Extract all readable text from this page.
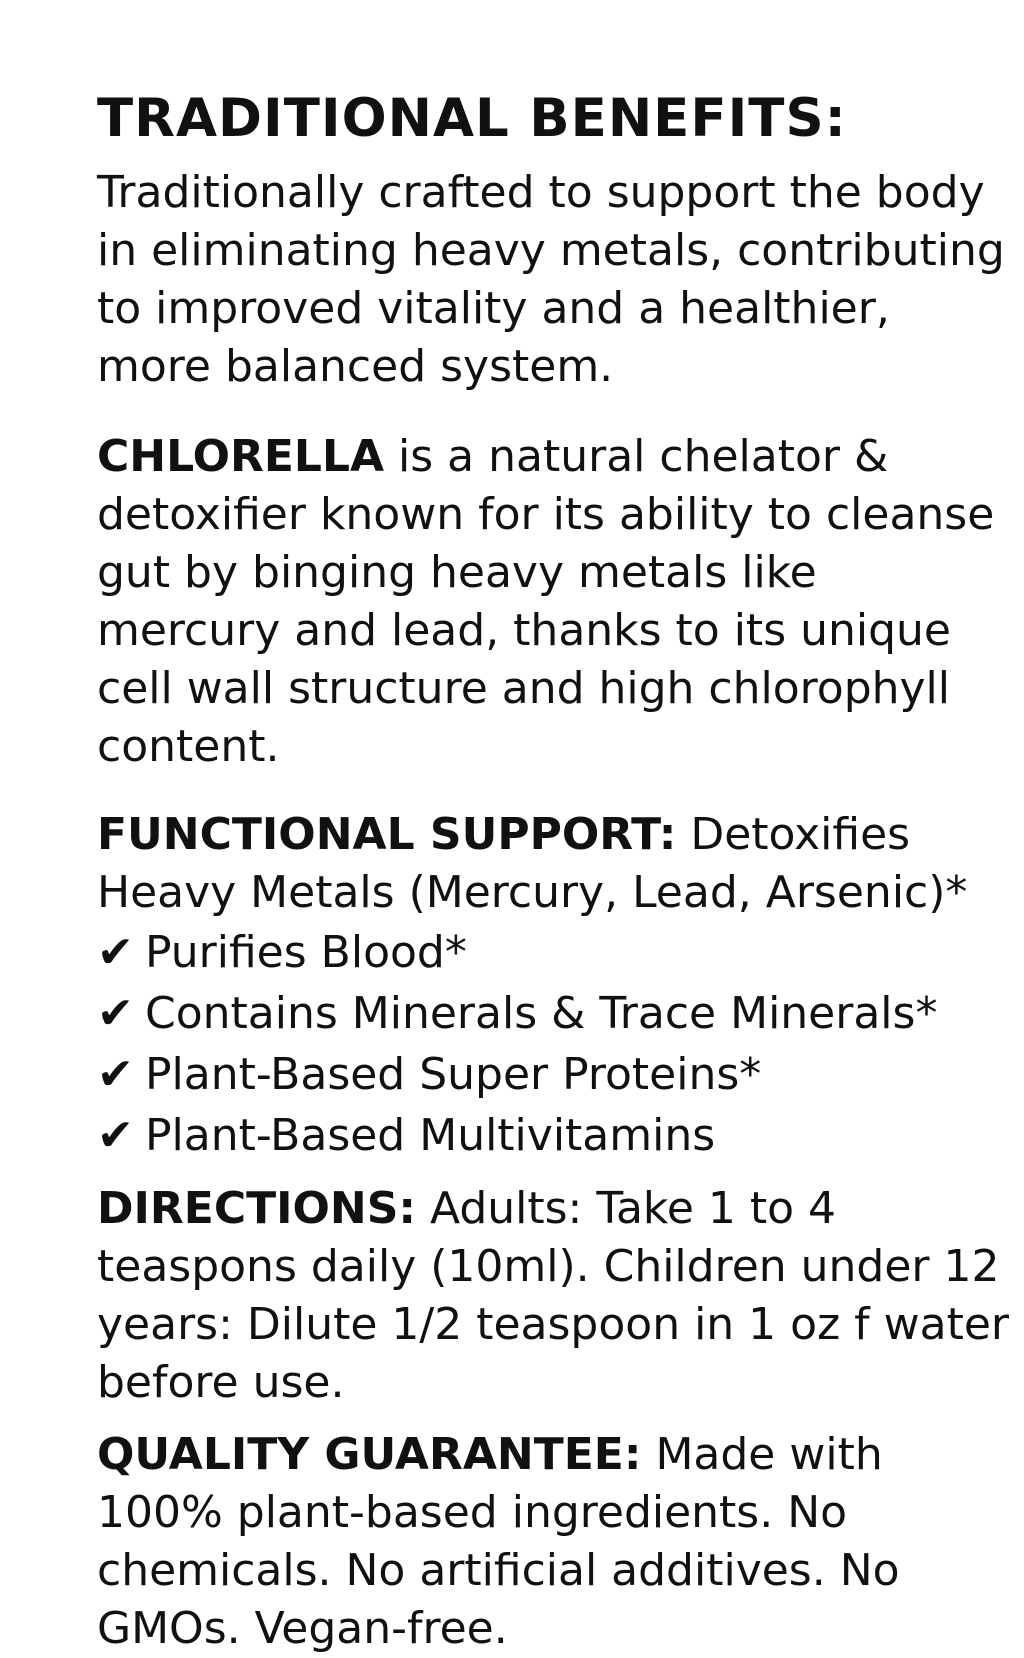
TRADITIONAL BENEFITS:

Traditionally crafted to support the body in eliminating heavy metals, contributing to improved vitality and a healthier, more balanced system.

CHLORELLA is a natural chelator & detoxifier known for its ability to cleanse gut by binging heavy metals like mercury and lead, thanks to its unique cell wall structure and high chlorophyll content.

FUNCTIONAL SUPPORT: Detoxifies Heavy Metals (Mercury, Lead, Arsenic)*

✔ Purifies Blood*
✔ Contains Minerals & Trace Minerals*
✔ Plant-Based Super Proteins*
✔ Plant-Based Multivitamins

DIRECTIONS: Adults: Take 1 to 4 teaspons daily (10ml). Children under 12 years: Dilute 1/2 teaspoon in 1 oz f water before use.

QUALITY GUARANTEE: Made with 100% plant-based ingredients. No chemicals. No artificial additives. No GMOs. Vegan-free.
